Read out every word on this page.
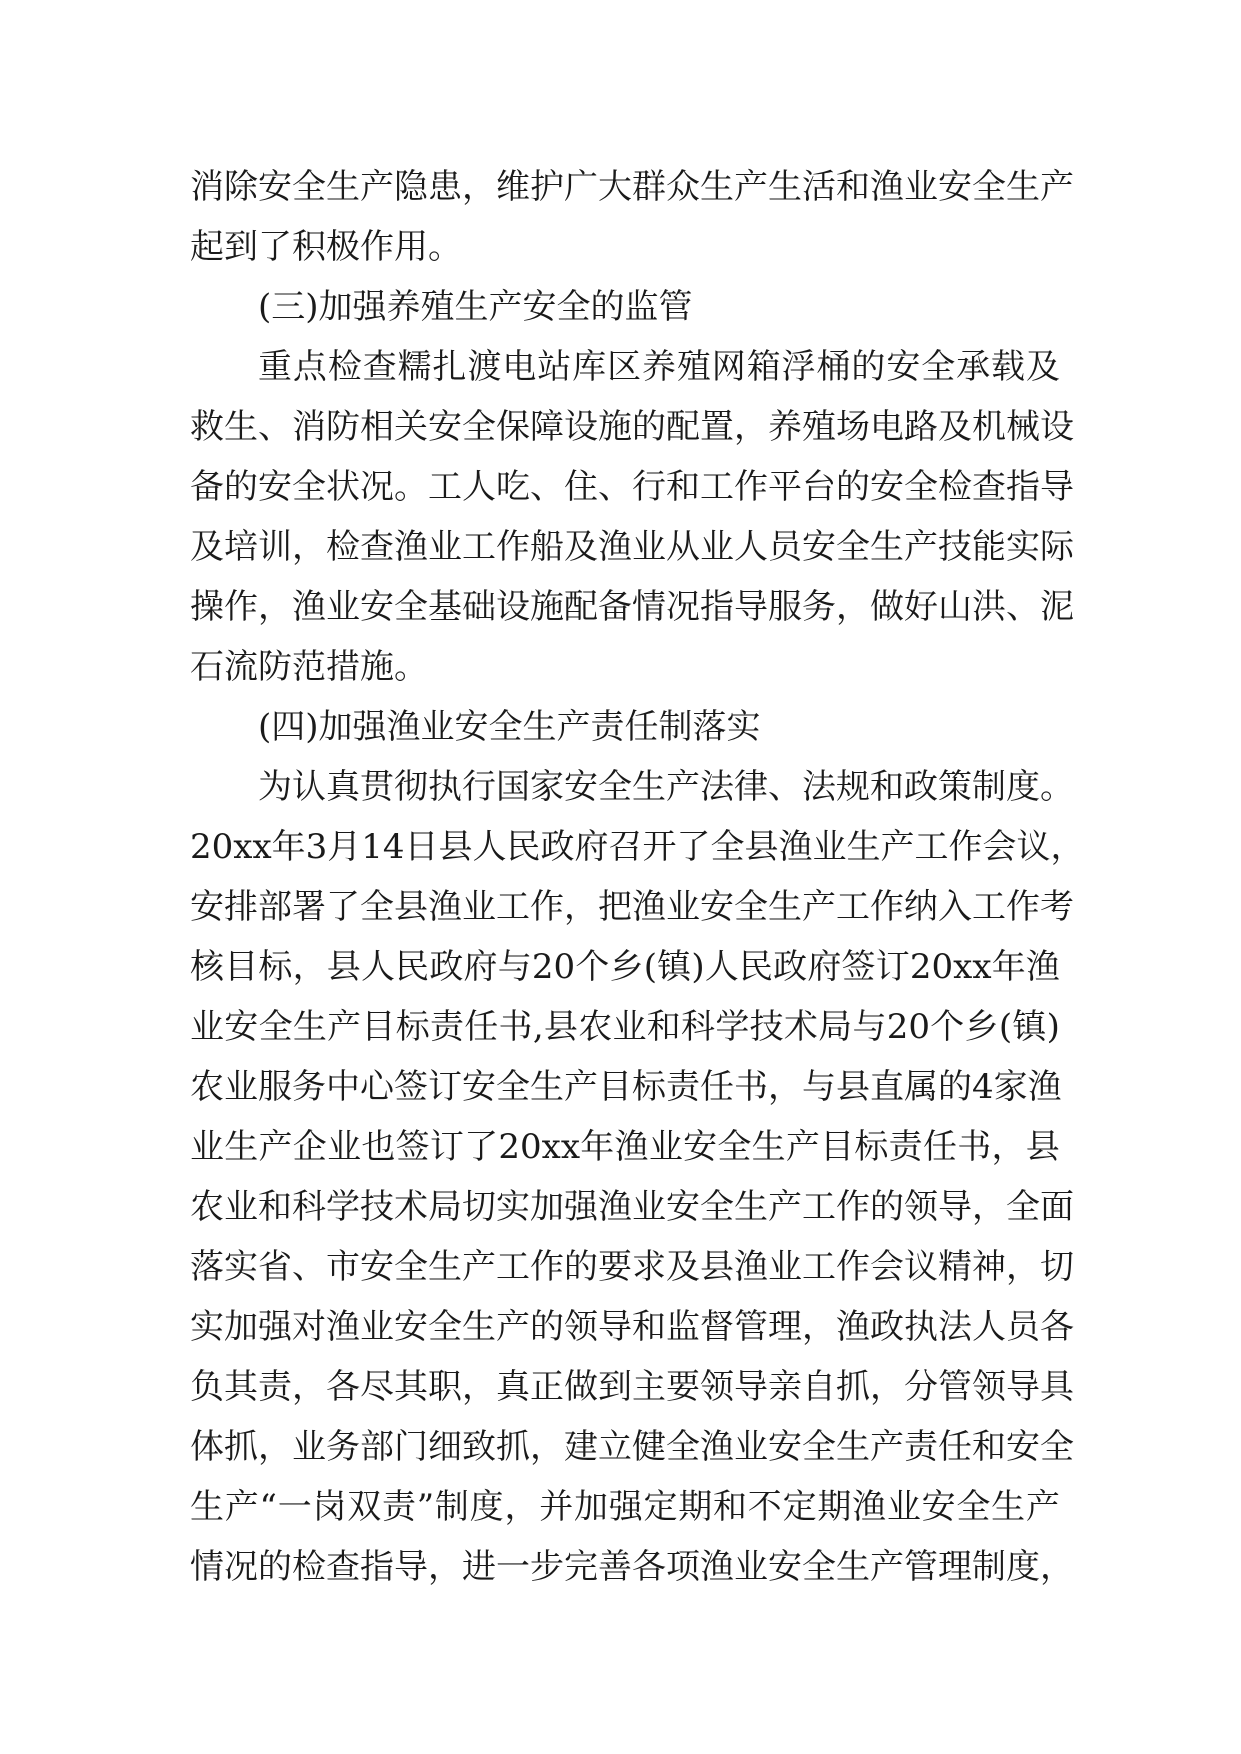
消 除 安 全 生 产 隐 患 ， 维 护 广 大 群 众 生 产 生 活 和 渔 业 安 全 生 产
起到了积极作用。
(三)加强养殖生产安全的监管
重 点 检 查 糯 扎 渡 电 站 库 区 养 殖 网 箱 浮 桶 的 安 全 承 载 及
救 生 、 消 防 相 关 安 全 保 障 设 施 的 配 置 ， 养 殖 场 电 路 及 机 械 设
备 的 安 全 状 况 。 工 人 吃 、 住 、 行 和 工 作 平 台 的 安 全 检 查 指 导
及 培 训 ， 检 查 渔 业 工 作 船 及 渔 业 从 业 人 员 安 全 生 产 技 能 实 际
操 作 ， 渔 业 安 全 基 础 设 施 配 备 情 况 指 导 服 务 ， 做 好 山 洪 、 泥
石流防范措施。
(四)加强渔业安全生产责任制落实
为 认 真 贯 彻 执 行 国 家 安 全 生 产 法 律 、 法 规 和 政 策 制 度 。
20xx 年 3 月 14 日 县 人 民 政 府 召 开 了 全 县 渔 业 生 产 工 作 会 议 ，
安 排 部 署 了 全 县 渔 业 工 作 ， 把 渔 业 安 全 生 产 工 作 纳 入 工 作 考
核 目 标 ， 县 人 民 政 府 与 20 个 乡 ( 镇 ) 人 民 政 府 签 订 20xx 年 渔
业 安 全 生 产 目 标 责 任 书 , 县 农 业 和 科 学 技 术 局 与 20 个 乡 ( 镇 )
农 业 服 务 中 心 签 订 安 全 生 产 目 标 责 任 书 ， 与 县 直 属 的 4 家 渔
业 生 产 企 业 也 签 订 了 20xx 年 渔 业 安 全 生 产 目 标 责 任 书 ， 县
农 业 和 科 学 技 术 局 切 实 加 强 渔 业 安 全 生 产 工 作 的 领 导 ， 全 面
落 实 省 、 市 安 全 生 产 工 作 的 要 求 及 县 渔 业 工 作 会 议 精 神 ， 切
实 加 强 对 渔 业 安 全 生 产 的 领 导 和 监 督 管 理 ， 渔 政 执 法 人 员 各
负 其 责 ， 各 尽 其 职 ， 真 正 做 到 主 要 领 导 亲 自 抓 ， 分 管 领 导 具
体 抓 ， 业 务 部 门 细 致 抓 ， 建 立 健 全 渔 业 安 全 生 产 责 任 和 安 全
生 产 “ 一 岗 双 责 ” 制 度 ， 并 加 强 定 期 和 不 定 期 渔 业 安 全 生 产
情 况 的 检 查 指 导 ， 进 一 步 完 善 各 项 渔 业 安 全 生 产 管 理 制 度 ，
